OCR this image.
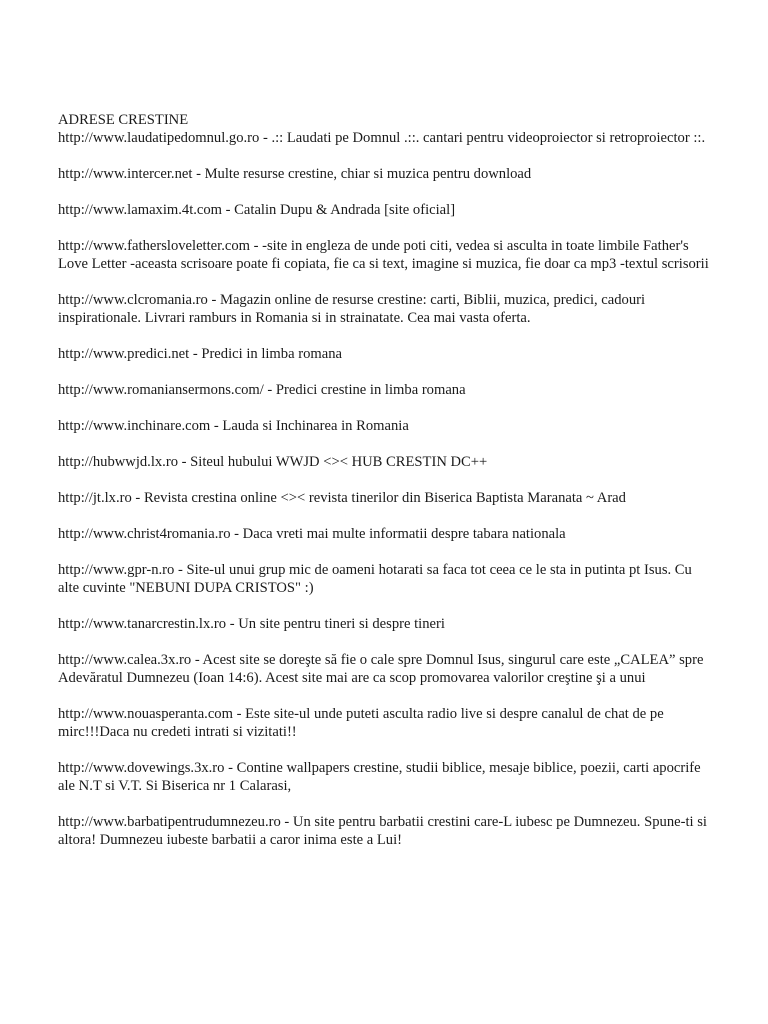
ADRESE CRESTINE

http://www.laudatipedomnul.go.ro - .:: Laudati pe Domnul .::. cantari pentru videoproiector si retroproiector ::.

http://www.intercer.net - Multe resurse crestine, chiar si muzica pentru download

http://www.lamaxim.4t.com - Catalin Dupu & Andrada [site oficial]

http://www.fathersloveletter.com - -site in engleza de unde poti citi, vedea si asculta in toate limbile Father's Love Letter -aceasta scrisoare poate fi copiata, fie ca si text, imagine si muzica, fie doar ca mp3 -textul scrisorii

http://www.clcromania.ro - Magazin online de resurse crestine: carti, Biblii, muzica, predici, cadouri inspirationale. Livrari ramburs in Romania si in strainatate. Cea mai vasta oferta.

http://www.predici.net - Predici in limba romana

http://www.romaniansermons.com/ - Predici crestine in limba romana

http://www.inchinare.com - Lauda si Inchinarea in Romania

http://hubwwjd.lx.ro - Siteul hubului WWJD <>< HUB CRESTIN DC++

http://jt.lx.ro - Revista crestina online <>< revista tinerilor din Biserica Baptista Maranata ~ Arad

http://www.christ4romania.ro - Daca vreti mai multe informatii despre tabara nationala

http://www.gpr-n.ro - Site-ul unui grup mic de oameni hotarati sa faca tot ceea ce le sta in putinta pt Isus. Cu alte cuvinte "NEBUNI DUPA CRISTOS" :)

http://www.tanarcrestin.lx.ro - Un site pentru tineri si despre tineri

http://www.calea.3x.ro - Acest site se doreşte să fie o cale spre Domnul Isus, singurul care este „CALEA” spre Adevăratul Dumnezeu (Ioan 14:6). Acest site mai are ca scop promovarea valorilor creştine şi a unui

http://www.nouasperanta.com - Este site-ul unde puteti asculta radio live si despre canalul de chat de pe mirc!!!Daca nu credeti intrati si vizitati!!

http://www.dovewings.3x.ro - Contine wallpapers crestine, studii biblice, mesaje biblice, poezii, carti apocrife ale N.T si V.T. Si Biserica nr 1 Calarasi,

http://www.barbatipentrudumnezeu.ro - Un site pentru barbatii crestini care-L iubesc pe Dumnezeu. Spune-ti si altora! Dumnezeu iubeste barbatii a caror inima este a Lui!
